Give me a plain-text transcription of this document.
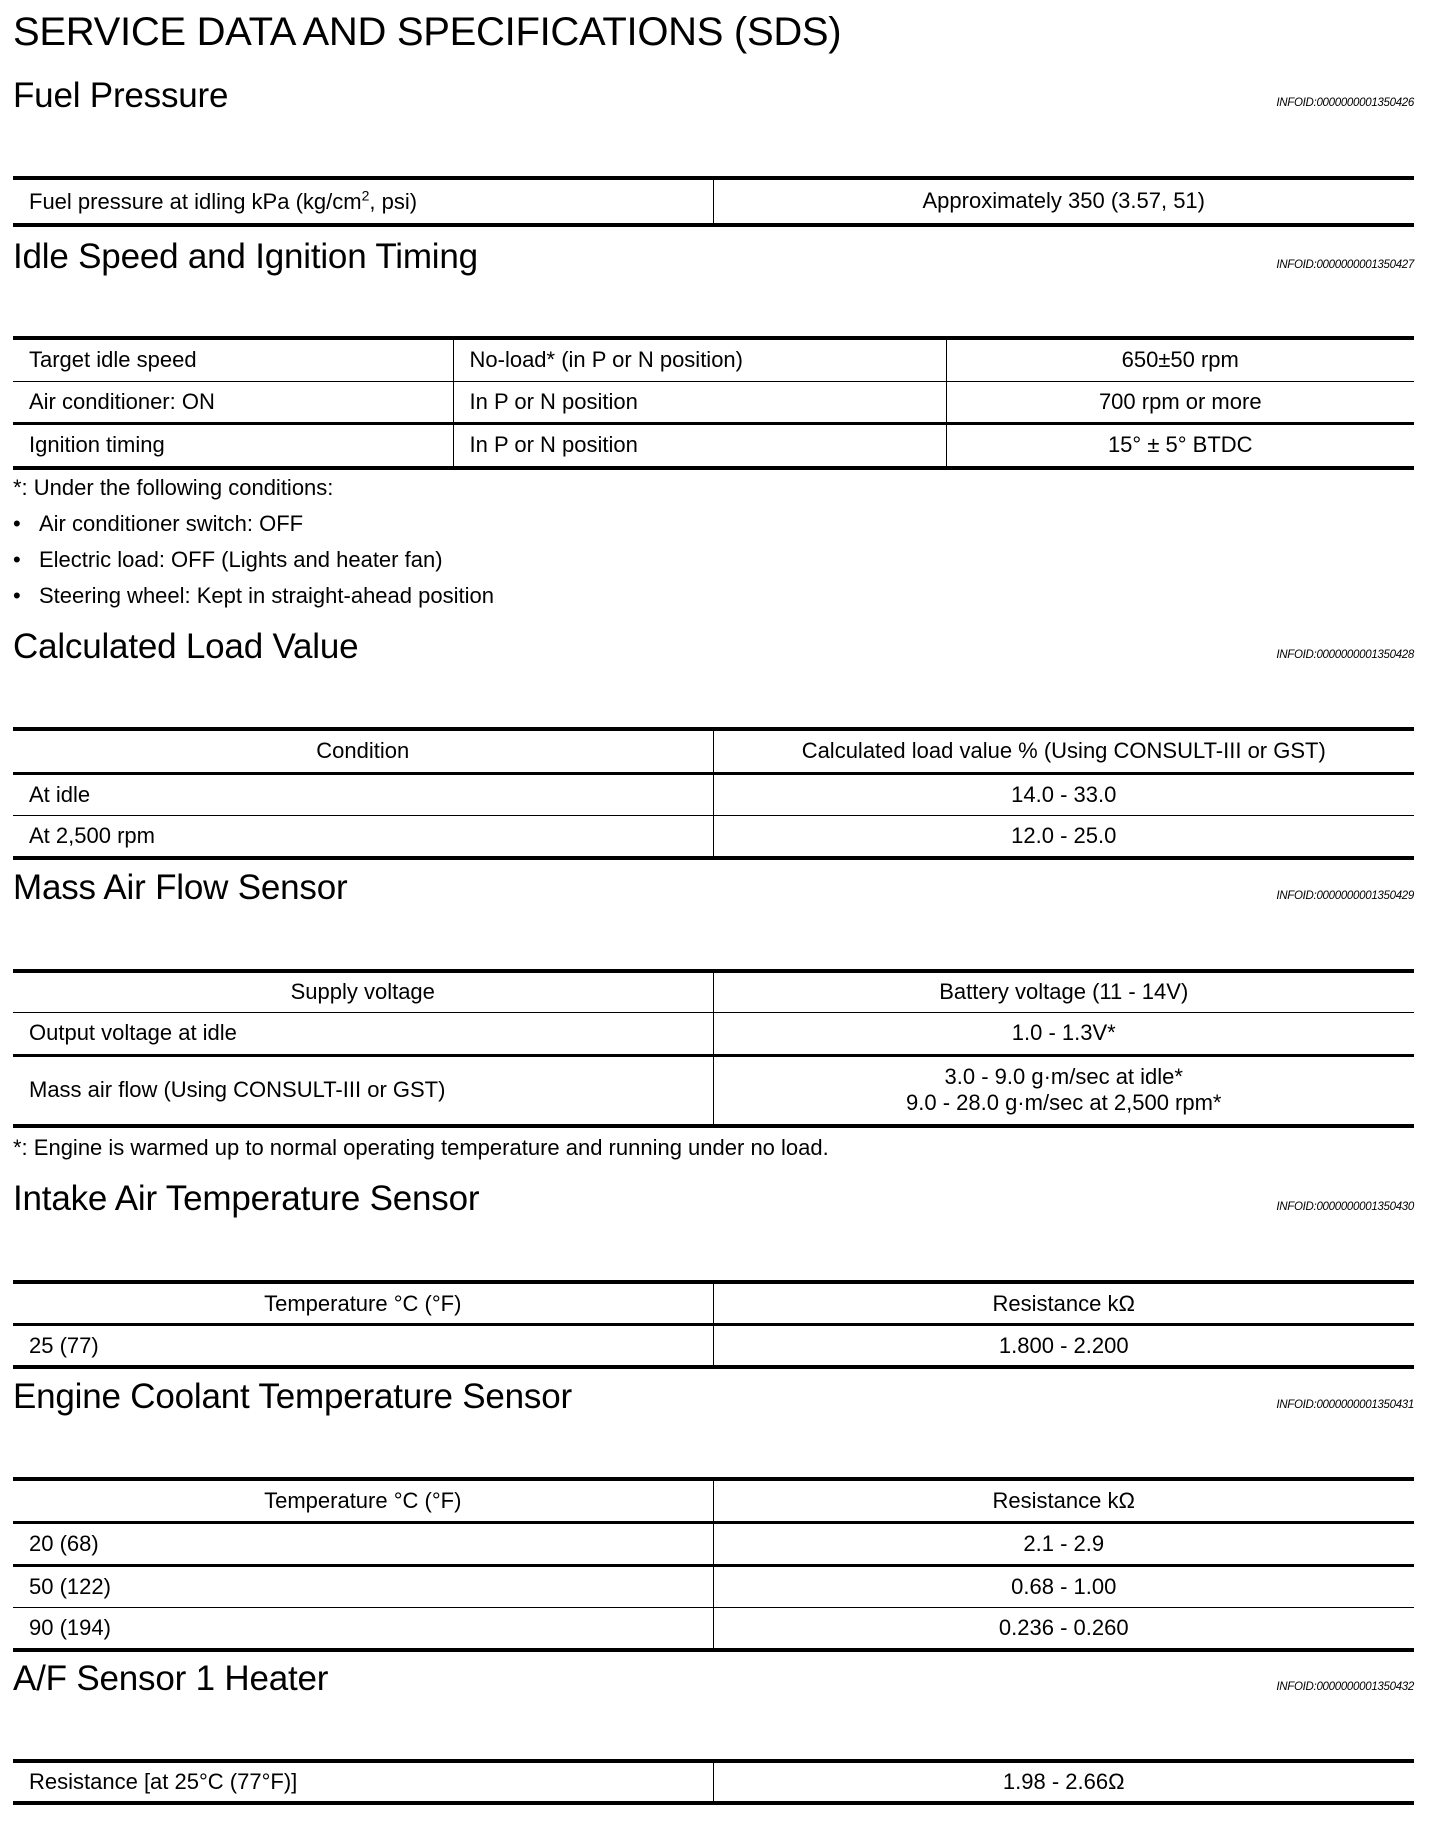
SERVICE DATA AND SPECIFICATIONS (SDS)
Fuel Pressure	INFOID:0000000001350426
Fuel pressure at idling kPa ($kg/cm^2$, psi)	Approximately 350 (3.57, 51)
Idle Speed and Ignition Timing	INFOID:0000000001350427
Target idle speed	No-load* (in P or N position)	650±50 rpm
Air conditioner: ON	In P or N position	700 rpm or more
Ignition timing	In P or N position	15° ± 5° BTDC
*: Under the following conditions:
• Air conditioner switch: OFF
• Electric load: OFF (Lights and heater fan)
• Steering wheel: Kept in straight-ahead position
Calculated Load Value	INFOID:0000000001350428
Condition	Calculated load value % (Using CONSULT-III or GST)
At idle	14.0 - 33.0
At 2,500 rpm	12.0 - 25.0
Mass Air Flow Sensor	INFOID:0000000001350429
Supply voltage	Battery voltage (11 - 14V)
Output voltage at idle	1.0 - 1.3V*
Mass air flow (Using CONSULT-III or GST)	3.0 - 9.0 g·m/sec at idle*
9.0 - 28.0 g·m/sec at 2,500 rpm*
*: Engine is warmed up to normal operating temperature and running under no load.
Intake Air Temperature Sensor	INFOID:0000000001350430
Temperature °C (°F)	Resistance kΩ
25 (77)	1.800 - 2.200
Engine Coolant Temperature Sensor	INFOID:0000000001350431
Temperature °C (°F)	Resistance kΩ
20 (68)	2.1 - 2.9
50 (122)	0.68 - 1.00
90 (194)	0.236 - 0.260
A/F Sensor 1 Heater	INFOID:0000000001350432
Resistance [at 25°C (77°F)]	1.98 - 2.66Ω
